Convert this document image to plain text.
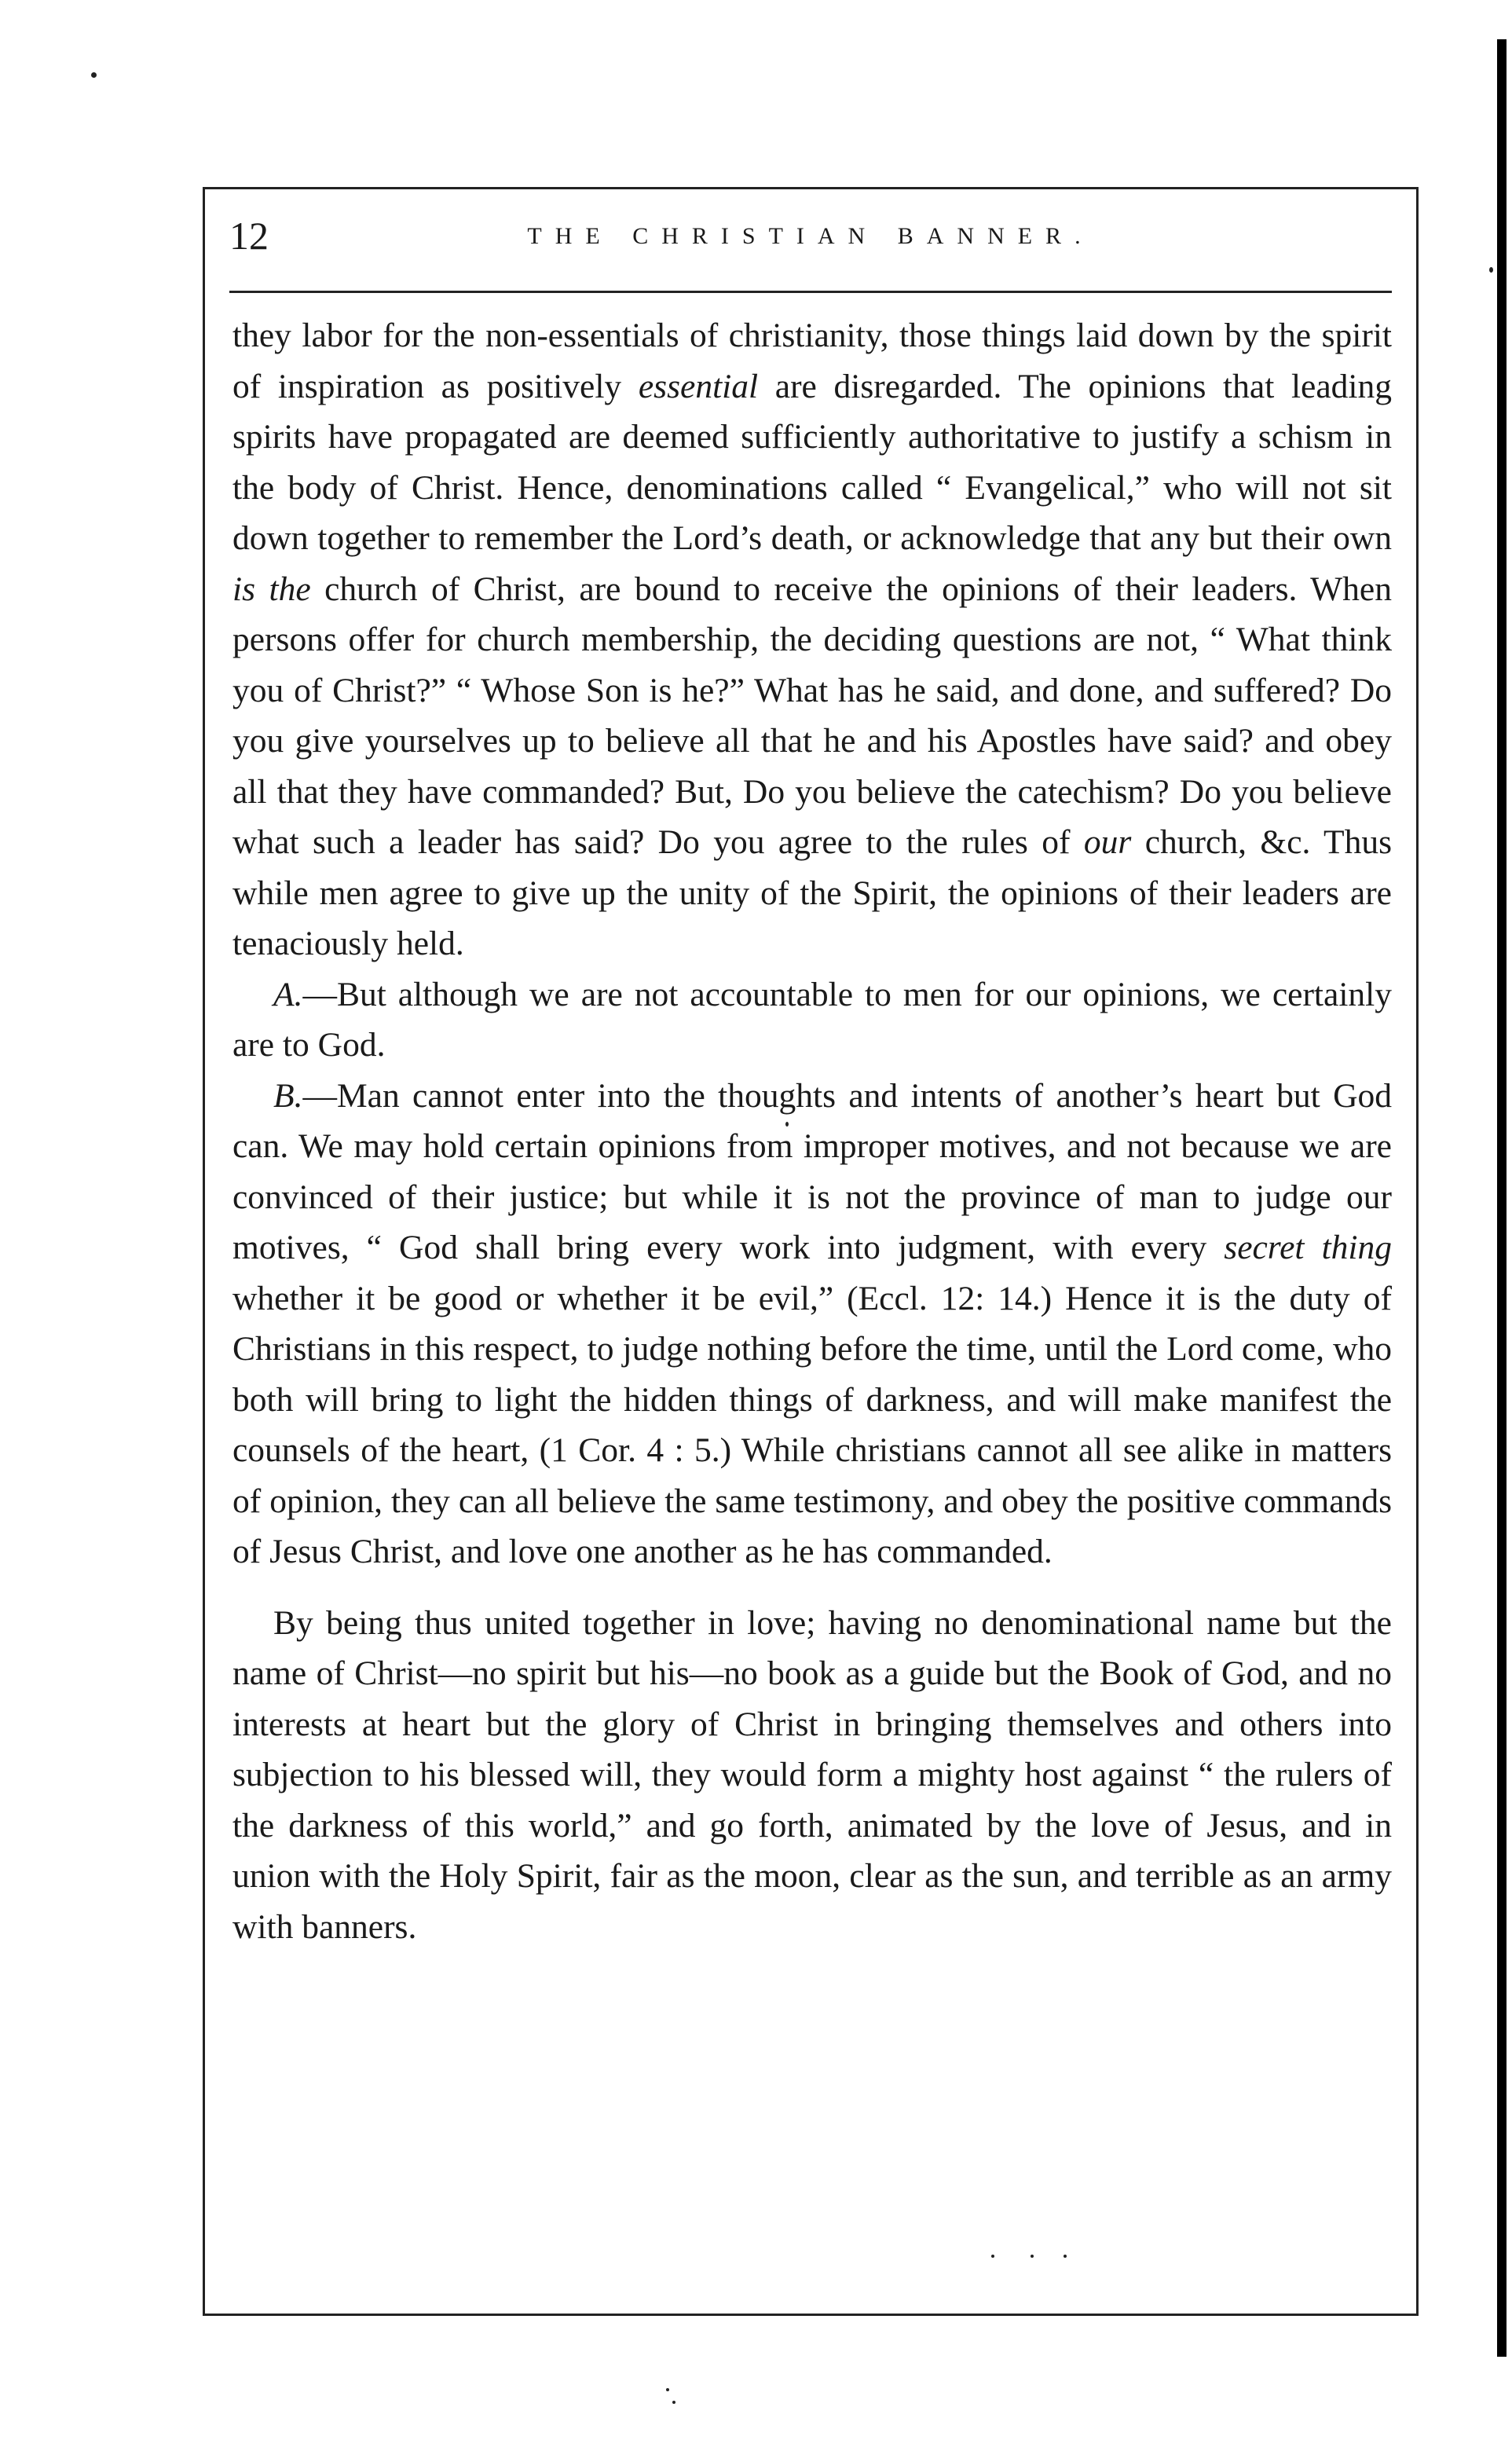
12	THE CHRISTIAN BANNER.

they labor for the non-essentials of christianity, those things laid down by the spirit of inspiration as positively essential are disregarded. The opinions that leading spirits have propagated are deemed sufficiently authoritative to justify a schism in the body of Christ. Hence, denominations called “ Evangelical,” who will not sit down together to remember the Lord’s death, or acknowledge that any but their own is the church of Christ, are bound to receive the opinions of their leaders. When persons offer for church membership, the deciding questions are not, “ What think you of Christ?” “ Whose Son is he?” What has he said, and done, and suffered? Do you give yourselves up to believe all that he and his Apostles have said? and obey all that they have commanded? But, Do you believe the catechism? Do you believe what such a leader has said? Do you agree to the rules of our church, &c. Thus while men agree to give up the unity of the Spirit, the opinions of their leaders are tenaciously held.

A.—But although we are not accountable to men for our opinions, we certainly are to God.

B.—Man cannot enter into the thoughts and intents of another’s heart but God can. We may hold certain opinions from improper motives, and not because we are convinced of their justice; but while it is not the province of man to judge our motives, “ God shall bring every work into judgment, with every secret thing whether it be good or whether it be evil,” (Eccl. 12: 14.) Hence it is the duty of Christians in this respect, to judge nothing before the time, until the Lord come, who both will bring to light the hidden things of darkness, and will make manifest the counsels of the heart, (1 Cor. 4 : 5.) While christians cannot all see alike in matters of opinion, they can all believe the same testimony, and obey the positive commands of Jesus Christ, and love one another as he has commanded.

By being thus united together in love; having no denominational name but the name of Christ—no spirit but his—no book as a guide but the Book of God, and no interests at heart but the glory of Christ in bringing themselves and others into subjection to his blessed will, they would form a mighty host against “ the rulers of the darkness of this world,” and go forth, animated by the love of Jesus, and in union with the Holy Spirit, fair as the moon, clear as the sun, and terrible as an army with banners.
